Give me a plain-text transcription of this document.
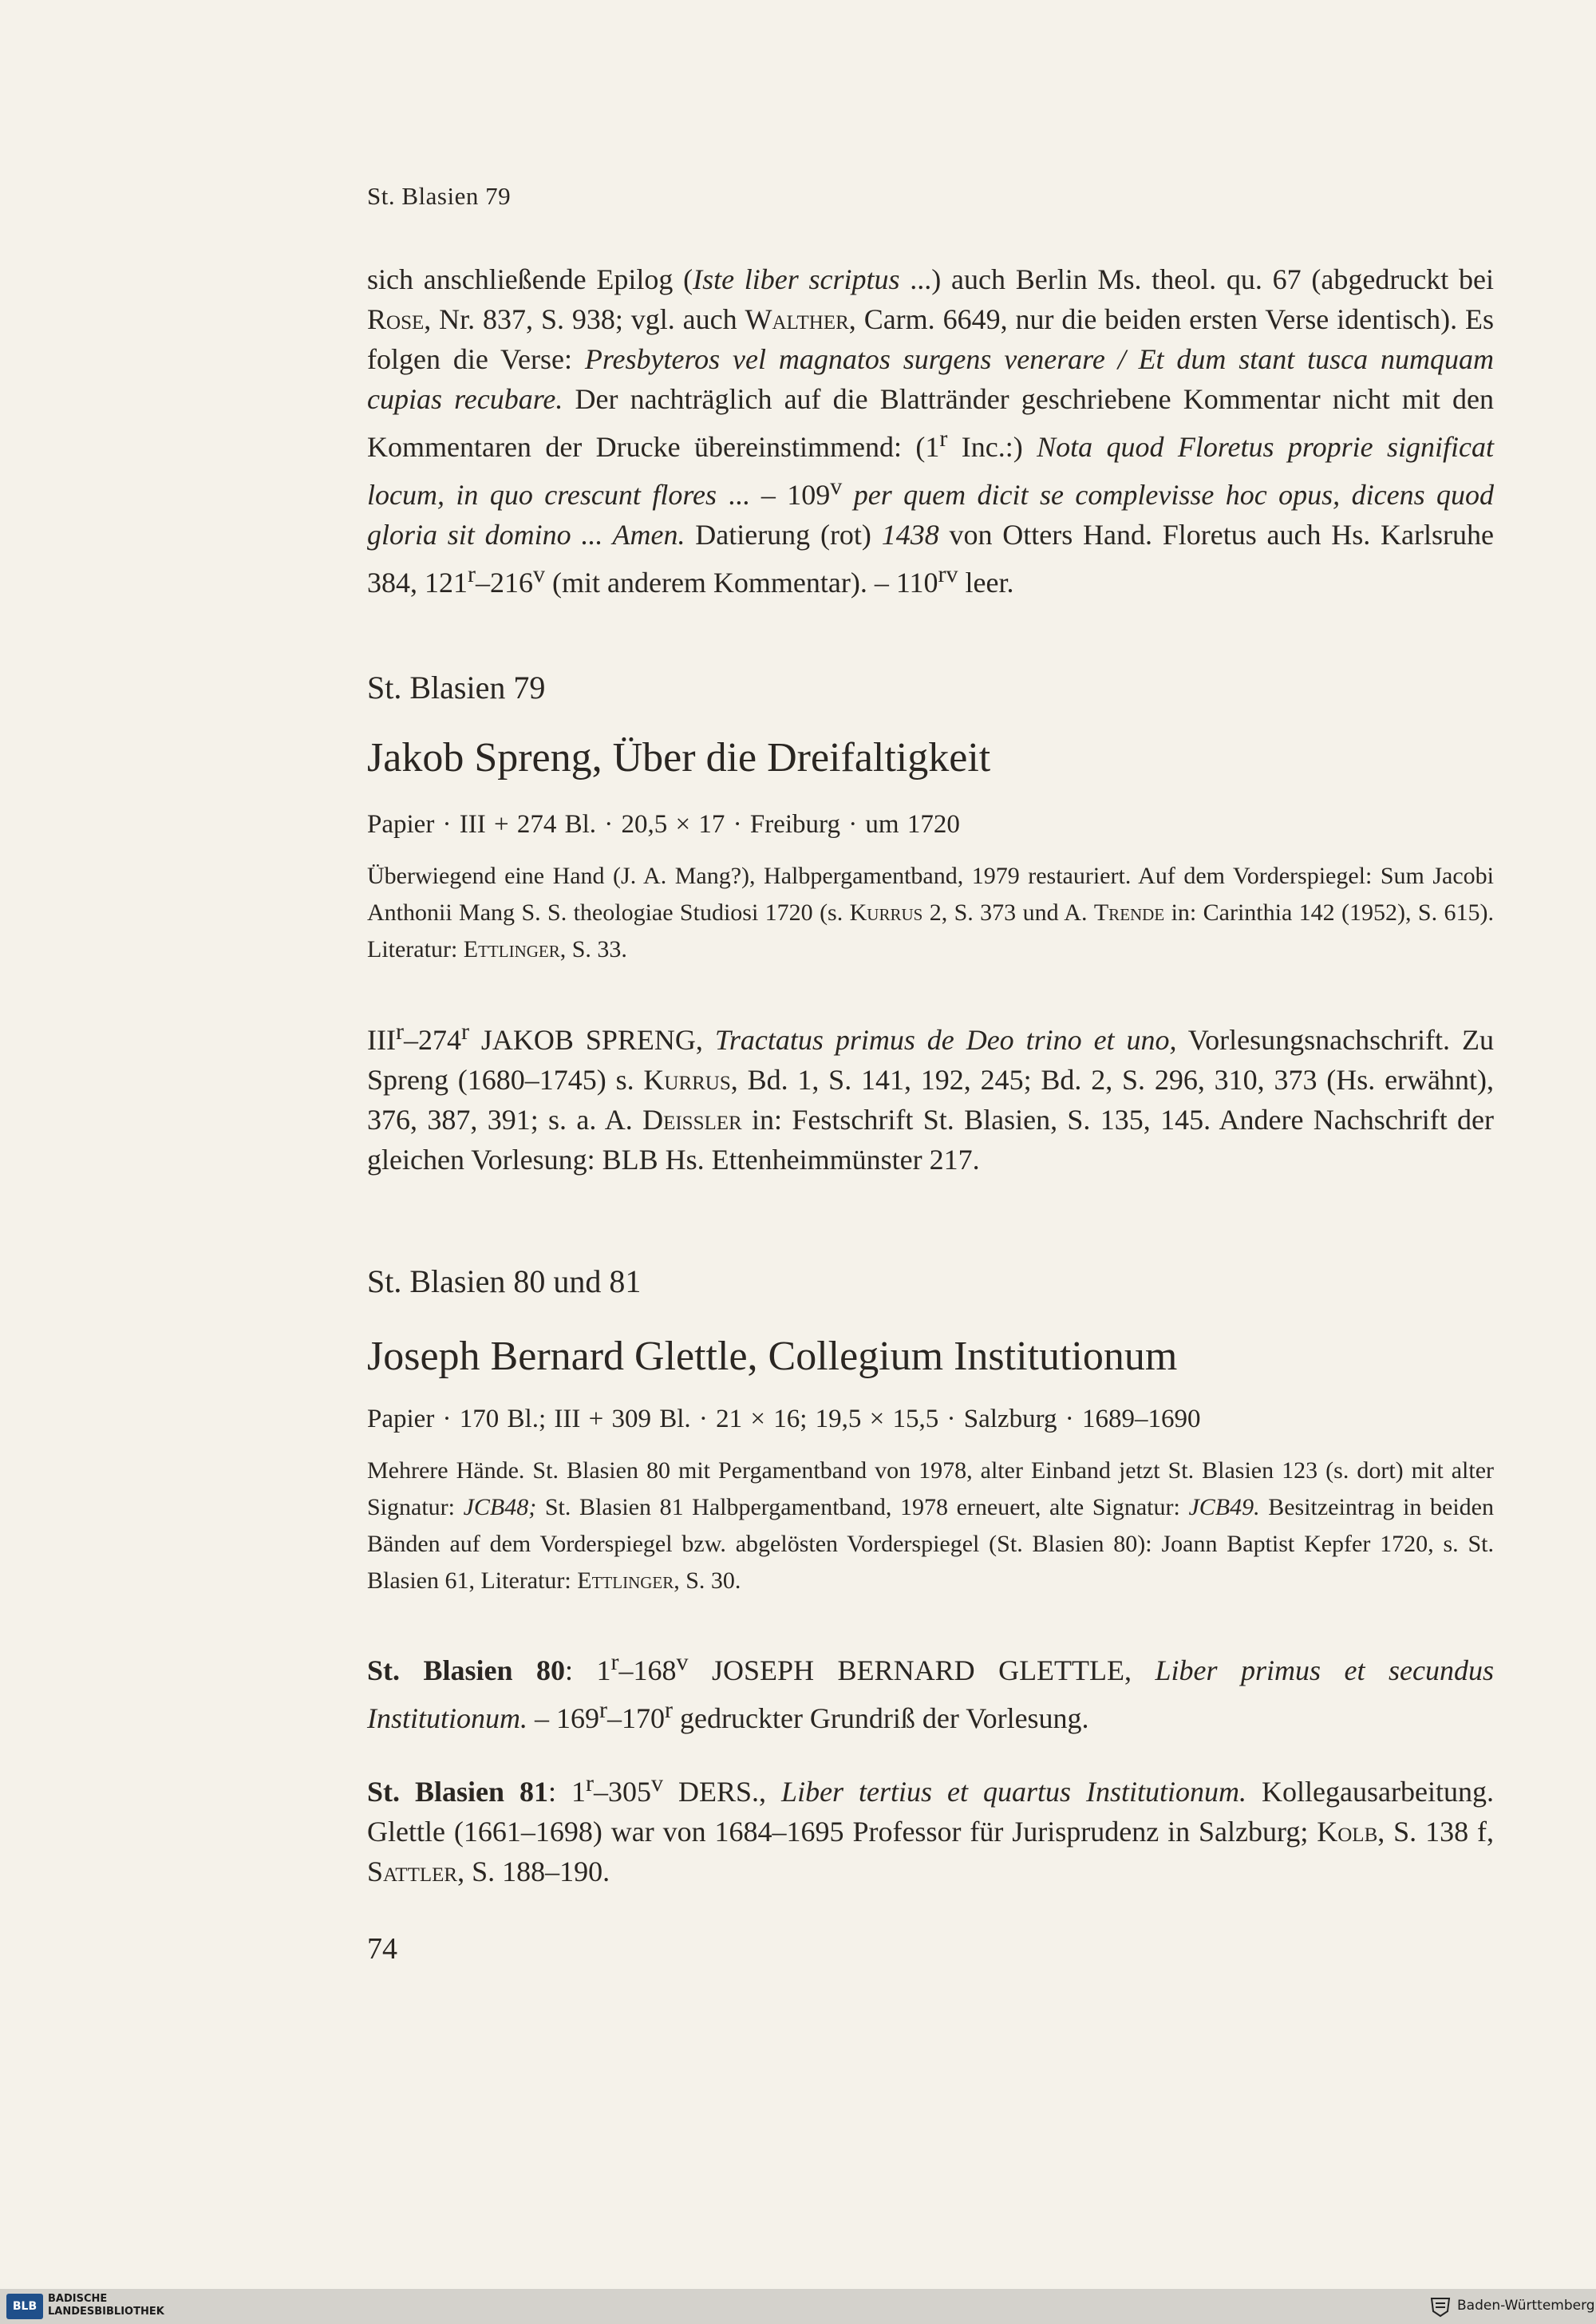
St. Blasien 79

sich anschließende Epilog (Iste liber scriptus ...) auch Berlin Ms. theol. qu. 67 (abgedruckt bei Rose, Nr. 837, S. 938; vgl. auch Walther, Carm. 6649, nur die beiden ersten Verse identisch). Es folgen die Verse: Presbyteros vel magnatos surgens venerare / Et dum stant tusca numquam cupias recubare. Der nachträglich auf die Blattränder geschriebene Kommentar nicht mit den Kommentaren der Drucke übereinstimmend: (1$^r$ Inc.:) Nota quod Floretus proprie significat locum, in quo crescunt flores ... – 109$^v$ per quem dicit se complevisse hoc opus, dicens quod gloria sit domino ... Amen. Datierung (rot) 1438 von Otters Hand. Floretus auch Hs. Karlsruhe 384, 121$^r$–216$^v$ (mit anderem Kommentar). – $110^{rv}$ leer.

St. Blasien 79
Jakob Spreng, Über die Dreifaltigkeit
Papier · III + 274 Bl. · 20,5 × 17 · Freiburg · um 1720

Überwiegend eine Hand (J. A. Mang?), Halbpergamentband, 1979 restauriert. Auf dem Vorderspiegel: Sum Jacobi Anthonii Mang S. S. theologiae Studiosi 1720 (s. Kurrus 2, S. 373 und A. Trende in: Carinthia 142 (1952), S. 615). Literatur: Ettlinger, S. 33.

III$^r$–274$^r$ JAKOB SPRENG, Tractatus primus de Deo trino et uno, Vorlesungsnachschrift. Zu Spreng (1680–1745) s. Kurrus, Bd. 1, S. 141, 192, 245; Bd. 2, S. 296, 310, 373 (Hs. erwähnt), 376, 387, 391; s. a. A. Deissler in: Festschrift St. Blasien, S. 135, 145. Andere Nachschrift der gleichen Vorlesung: BLB Hs. Ettenheimmünster 217.

St. Blasien 80 und 81
Joseph Bernard Glettle, Collegium Institutionum
Papier · 170 Bl.; III + 309 Bl. · 21 × 16; 19,5 × 15,5 · Salzburg · 1689–1690

Mehrere Hände. St. Blasien 80 mit Pergamentband von 1978, alter Einband jetzt St. Blasien 123 (s. dort) mit alter Signatur: JCB48; St. Blasien 81 Halbpergamentband, 1978 erneuert, alte Signatur: JCB49. Besitzeintrag in beiden Bänden auf dem Vorderspiegel bzw. abgelösten Vorderspiegel (St. Blasien 80): Joann Baptist Kepfer 1720, s. St. Blasien 61, Literatur: Ettlinger, S. 30.

St. Blasien 80: 1$^r$–168$^v$ JOSEPH BERNARD GLETTLE, Liber primus et secundus Institutionum. – 169$^r$–170$^r$ gedruckter Grundriß der Vorlesung.

St. Blasien 81: 1$^r$–305$^v$ DERS., Liber tertius et quartus Institutionum. Kollegausarbeitung. Glettle (1661–1698) war von 1684–1695 Professor für Jurisprudenz in Salzburg; Kolb, S. 138 f, Sattler, S. 188–190.

74
BLB
BADISCHE
LANDESBIBLIOTHEK	Baden-Württemberg
